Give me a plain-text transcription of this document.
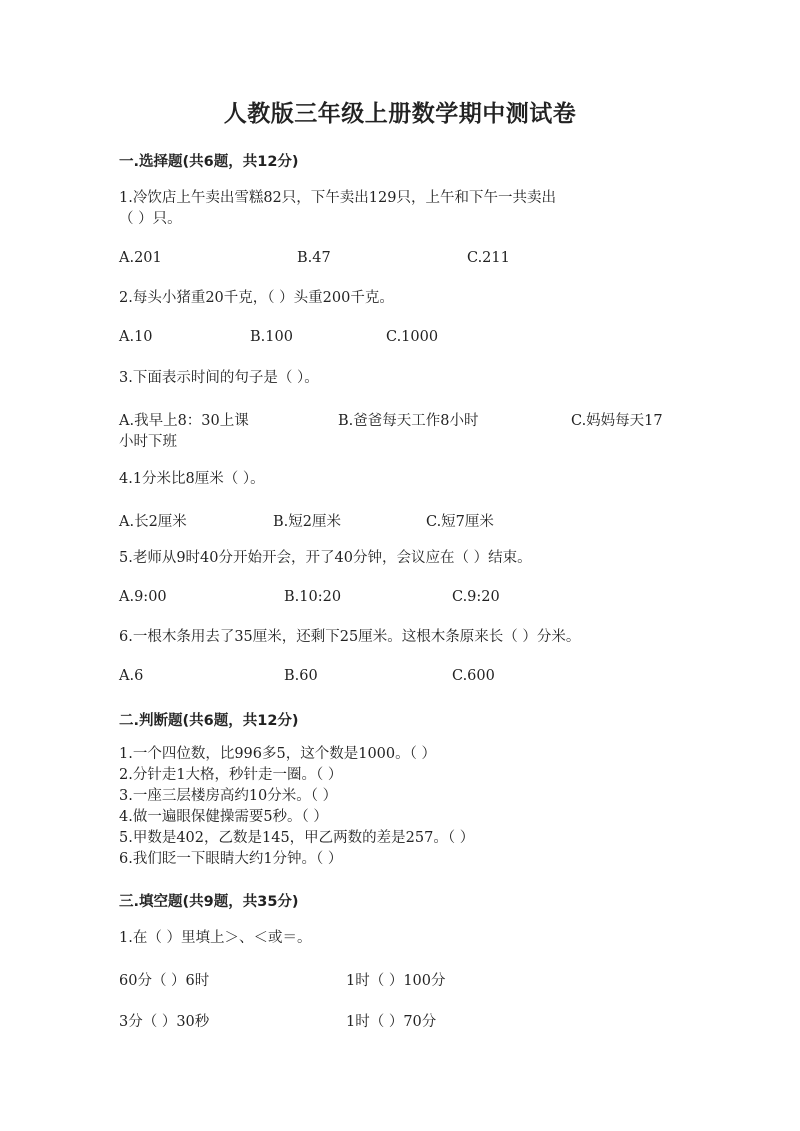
人教版三年级上册数学期中测试卷
一.选择题(共6题，共12分)
1.冷饮店上午卖出雪糕82只，下午卖出129只，上午和下午一共卖出
（ ）只。
A.201	B.47	C.211
2.每头小猪重20千克，（ ）头重200千克。
A.10	B.100	C.1000
3.下面表示时间的句子是（ ）。
A.我早上8：30上课	B.爸爸每天工作8小时	C.妈妈每天17
小时下班
4.1分米比8厘米（ ）。
A.长2厘米	B.短2厘米	C.短7厘米
5.老师从9时40分开始开会，开了40分钟，会议应在（ ）结束。
A.9:00	B.10:20	C.9:20
6.一根木条用去了35厘米，还剩下25厘米。这根木条原来长（ ）分米。
A.6	B.60	C.600
二.判断题(共6题，共12分)
1.一个四位数，比996多5，这个数是1000。（ ）
2.分针走1大格，秒针走一圈。（ ）
3.一座三层楼房高约10分米。（ ）
4.做一遍眼保健操需要5秒。（ ）
5.甲数是402，乙数是145，甲乙两数的差是257。（ ）
6.我们眨一下眼睛大约1分钟。（ ）
三.填空题(共9题，共35分)
1.在（ ）里填上＞、＜或＝。
60分（ ）6时	1时（ ）100分
3分（ ）30秒	1时（ ）70分
